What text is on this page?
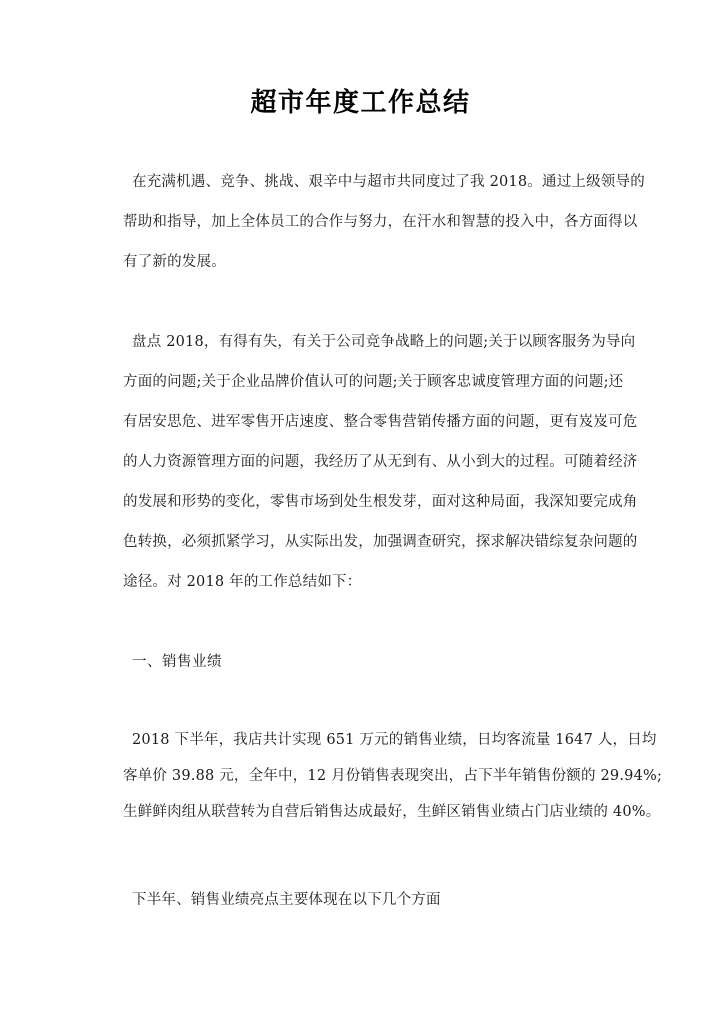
超市年度工作总结
在充满机遇、竞争、挑战、艰辛中与超市共同度过了我 2018。通过上级领导的
帮助和指导，加上全体员工的合作与努力，在汗水和智慧的投入中，各方面得以
有了新的发展。
盘点 2018，有得有失，有关于公司竞争战略上的问题;关于以顾客服务为导向
方面的问题;关于企业品牌价值认可的问题;关于顾客忠诚度管理方面的问题;还
有居安思危、进军零售开店速度、整合零售营销传播方面的问题，更有岌岌可危
的人力资源管理方面的问题，我经历了从无到有、从小到大的过程。可随着经济
的发展和形势的变化，零售市场到处生根发芽，面对这种局面，我深知要完成角
色转换，必须抓紧学习，从实际出发，加强调查研究，探求解决错综复杂问题的
途径。对 2018 年的工作总结如下：
一、销售业绩
2018 下半年，我店共计实现 651 万元的销售业绩，日均客流量 1647 人，日均
客单价 39.88 元，全年中，12 月份销售表现突出，占下半年销售份额的 29.94%;
生鲜鲜肉组从联营转为自营后销售达成最好，生鲜区销售业绩占门店业绩的 40%。
下半年、销售业绩亮点主要体现在以下几个方面
